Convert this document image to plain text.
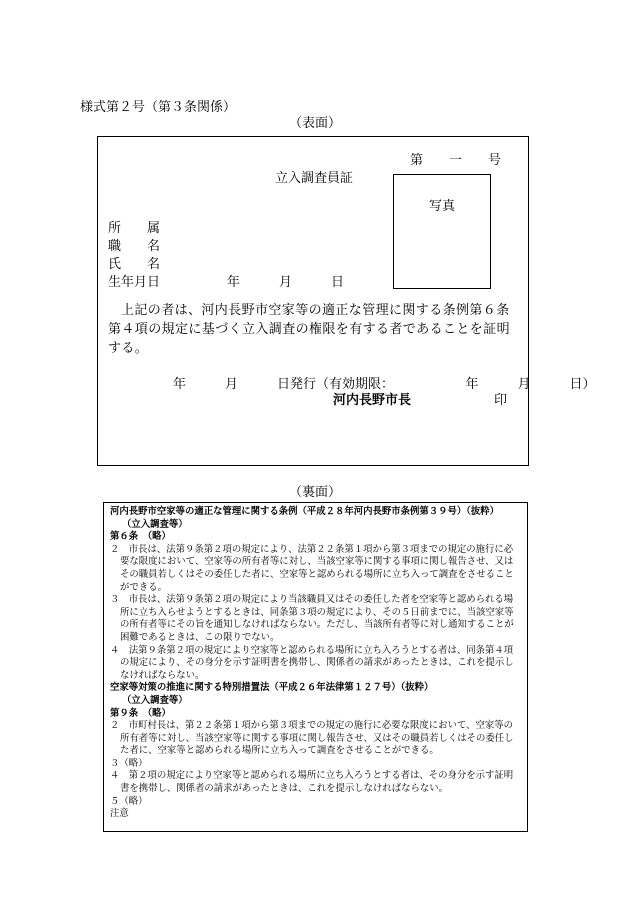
様式第２号（第３条関係）
（表面）
第　　一　　号
立入調査員証
写真
所　　属
職　　名
氏　　名
生年月日	年　　　月　　　日
上記の者は、河内長野市空家等の適正な管理に関する条例第６条第４項の規定に基づく立入調査の権限を有する者であることを証明する。
年　　　月　　　日発行（有効期限：　　　　　　年　　　月　　　日）
河内長野市長	印
（裏面）
河内長野市空家等の適正な管理に関する条例（平成２８年河内長野市条例第３９号）（抜粋）
（立入調査等）
第６条　（略）
２　市長は、法第９条第２項の規定により、法第２２条第１項から第３項までの規定の施行に必要な限度において、空家等の所有者等に対し、当該空家等に関する事項に関し報告させ、又はその職員若しくはその委任した者に、空家等と認められる場所に立ち入って調査をさせることができる。
３　市長は、法第９条第２項の規定により当該職員又はその委任した者を空家等と認められる場所に立ち入らせようとするときは、同条第３項の規定により、その５日前までに、当該空家等の所有者等にその旨を通知しなければならない。ただし、当該所有者等に対し通知することが困難であるときは、この限りでない。
４　法第９条第２項の規定により空家等と認められる場所に立ち入ろうとする者は、同条第４項の規定により、その身分を示す証明書を携帯し、関係者の請求があったときは、これを提示しなければならない。
空家等対策の推進に関する特別措置法（平成２６年法律第１２７号）（抜粋）
（立入調査等）
第９条　（略）
２　市町村長は、第２２条第１項から第３項までの規定の施行に必要な限度において、空家等の所有者等に対し、当該空家等に関する事項に関し報告させ、又はその職員若しくはその委任した者に、空家等と認められる場所に立ち入って調査をさせることができる。
３（略）
４　第２項の規定により空家等と認められる場所に立ち入ろうとする者は、その身分を示す証明書を携帯し、関係者の請求があったときは、これを提示しなければならない。
５（略）
注意
